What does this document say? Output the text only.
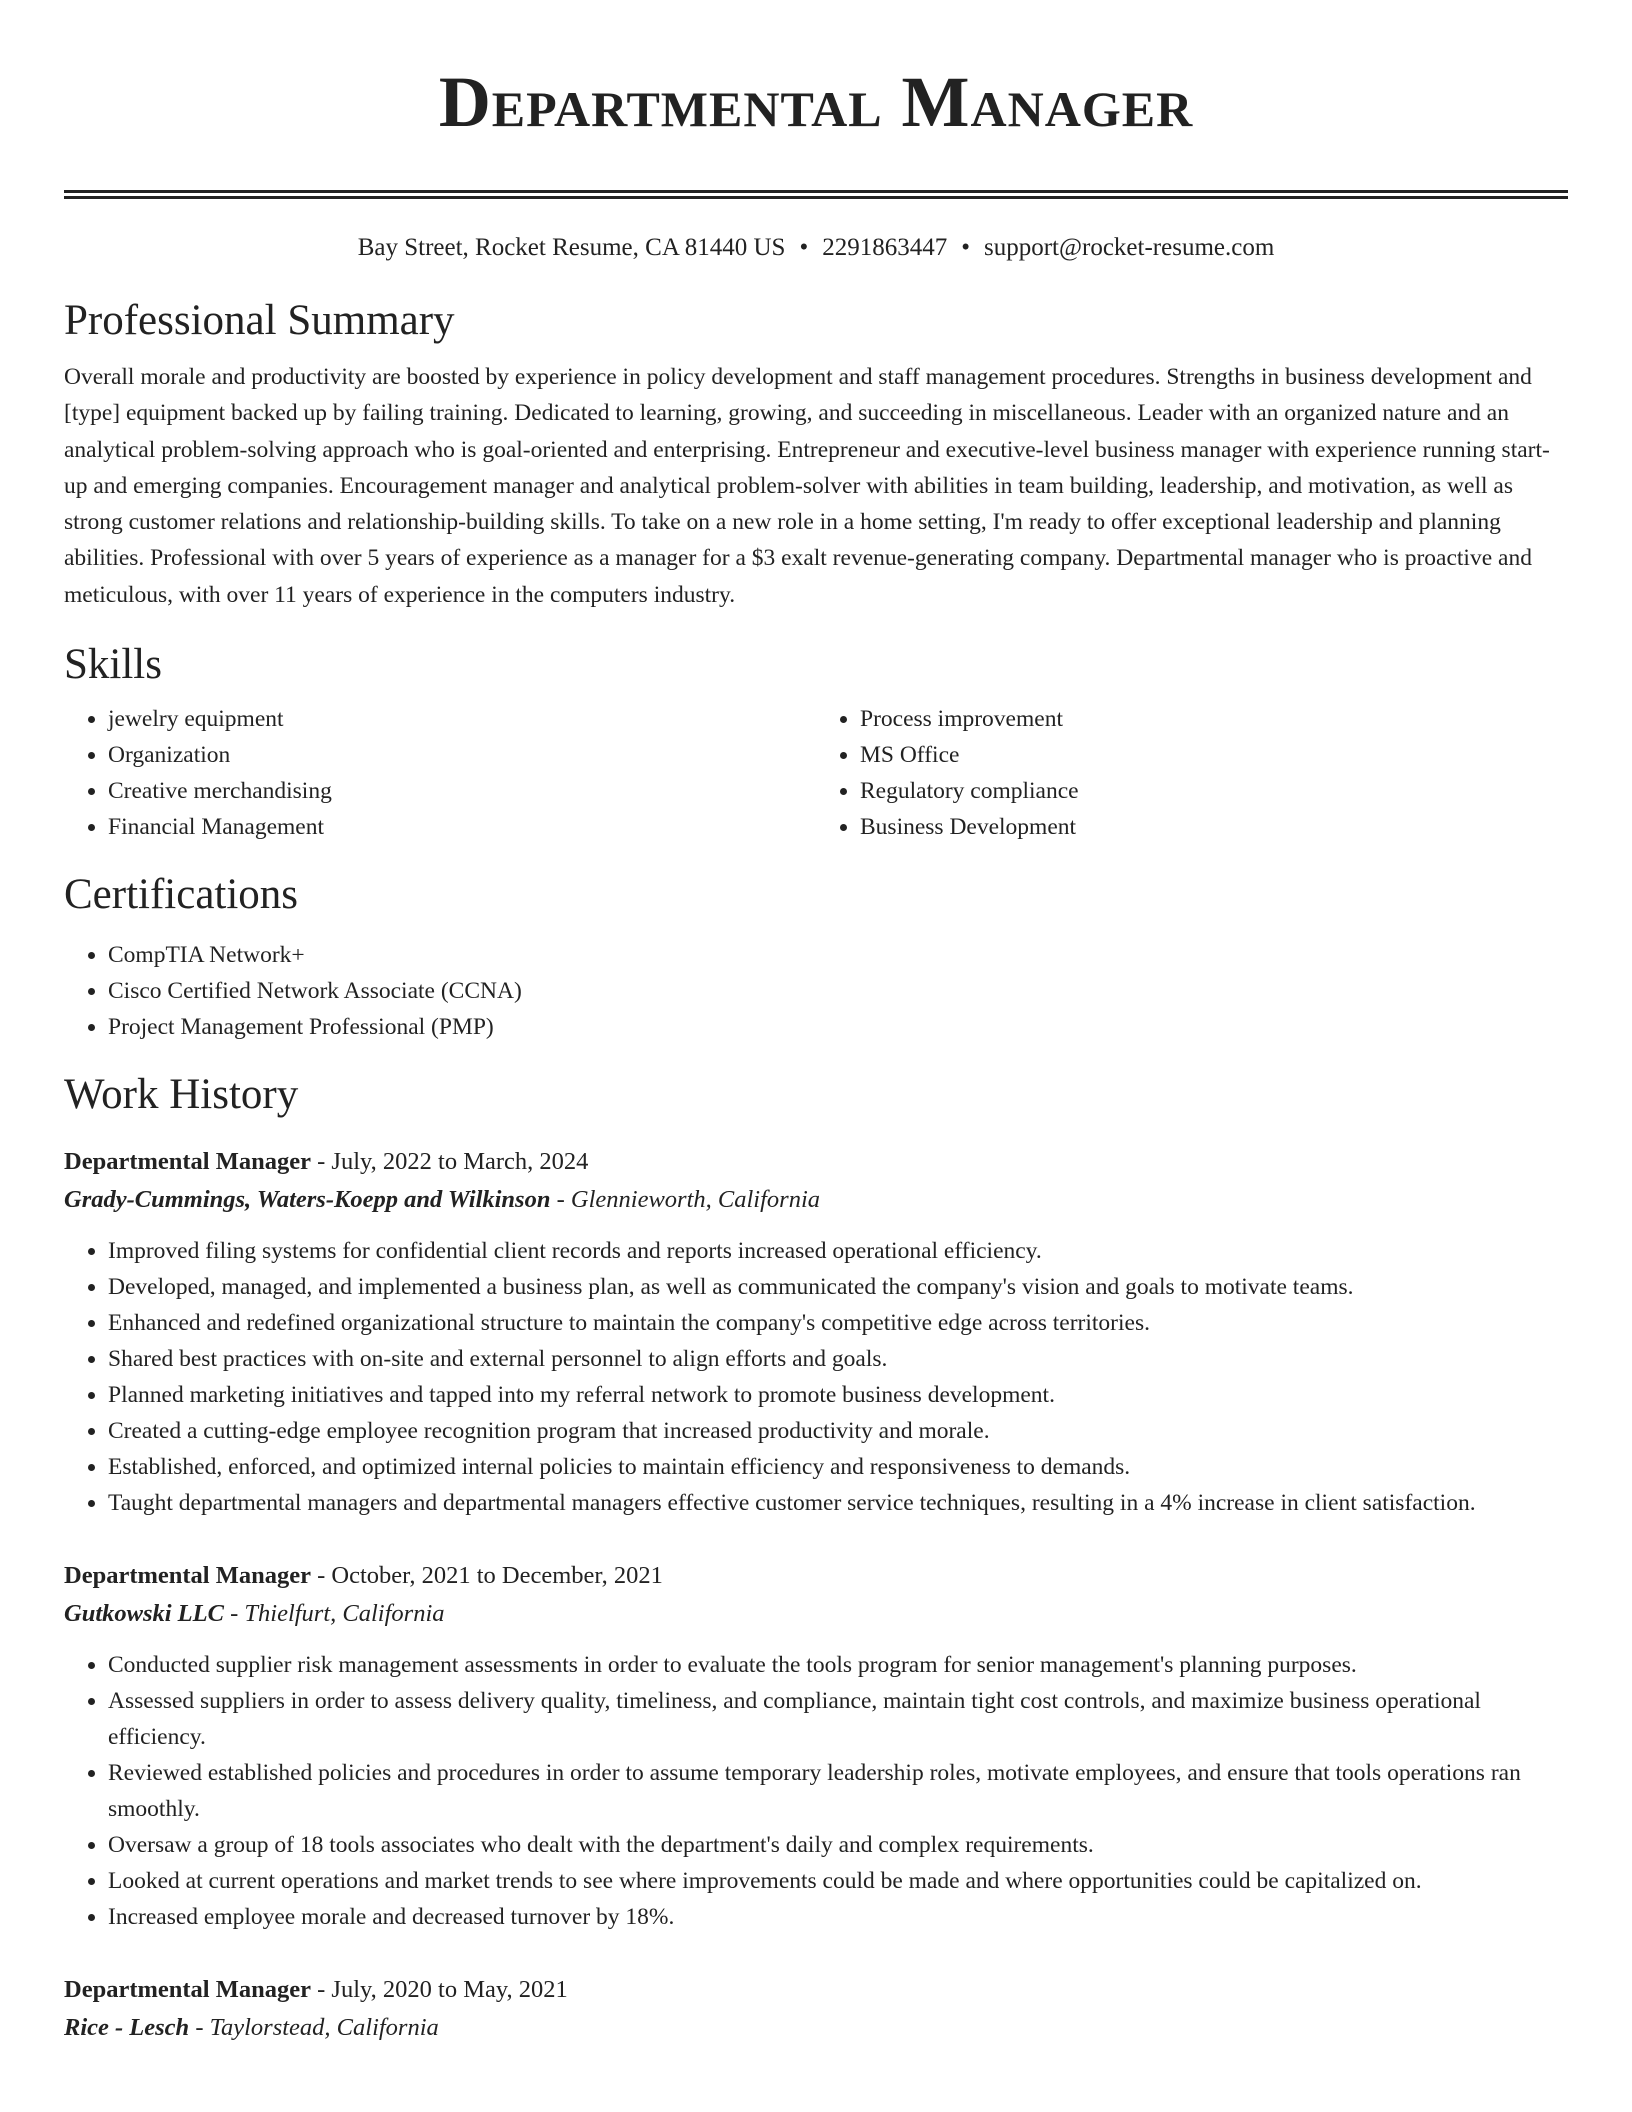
Departmental Manager
Bay Street, Rocket Resume, CA 81440 US • 2291863447 • support@rocket-resume.com
Professional Summary

Overall morale and productivity are boosted by experience in policy development and staff management procedures. Strengths in business development and [type] equipment backed up by failing training. Dedicated to learning, growing, and succeeding in miscellaneous. Leader with an organized nature and an analytical problem-solving approach who is goal-oriented and enterprising. Entrepreneur and executive-level business manager with experience running start-up and emerging companies. Encouragement manager and analytical problem-solver with abilities in team building, leadership, and motivation, as well as strong customer relations and relationship-building skills. To take on a new role in a home setting, I'm ready to offer exceptional leadership and planning abilities. Professional with over 5 years of experience as a manager for a $3 exalt revenue-generating company. Departmental manager who is proactive and meticulous, with over 11 years of experience in the computers industry.

Skills
• jewelry equipment
• Organization
• Creative merchandising
• Financial Management
• Process improvement
• MS Office
• Regulatory compliance
• Business Development
Certifications
• CompTIA Network+
• Cisco Certified Network Associate (CCNA)
• Project Management Professional (PMP)
Work History
Departmental Manager - July, 2022 to March, 2024
Grady-Cummings, Waters-Koepp and Wilkinson - Glennieworth, California
• Improved filing systems for confidential client records and reports increased operational efficiency.
• Developed, managed, and implemented a business plan, as well as communicated the company's vision and goals to motivate teams.
• Enhanced and redefined organizational structure to maintain the company's competitive edge across territories.
• Shared best practices with on-site and external personnel to align efforts and goals.
• Planned marketing initiatives and tapped into my referral network to promote business development.
• Created a cutting-edge employee recognition program that increased productivity and morale.
• Established, enforced, and optimized internal policies to maintain efficiency and responsiveness to demands.
• Taught departmental managers and departmental managers effective customer service techniques, resulting in a 4% increase in client satisfaction.
Departmental Manager - October, 2021 to December, 2021
Gutkowski LLC - Thielfurt, California
• Conducted supplier risk management assessments in order to evaluate the tools program for senior management's planning purposes.
• Assessed suppliers in order to assess delivery quality, timeliness, and compliance, maintain tight cost controls, and maximize business operational efficiency.
• Reviewed established policies and procedures in order to assume temporary leadership roles, motivate employees, and ensure that tools operations ran smoothly.
• Oversaw a group of 18 tools associates who dealt with the department's daily and complex requirements.
• Looked at current operations and market trends to see where improvements could be made and where opportunities could be capitalized on.
• Increased employee morale and decreased turnover by 18%.
Departmental Manager - July, 2020 to May, 2021
Rice - Lesch - Taylorstead, California
